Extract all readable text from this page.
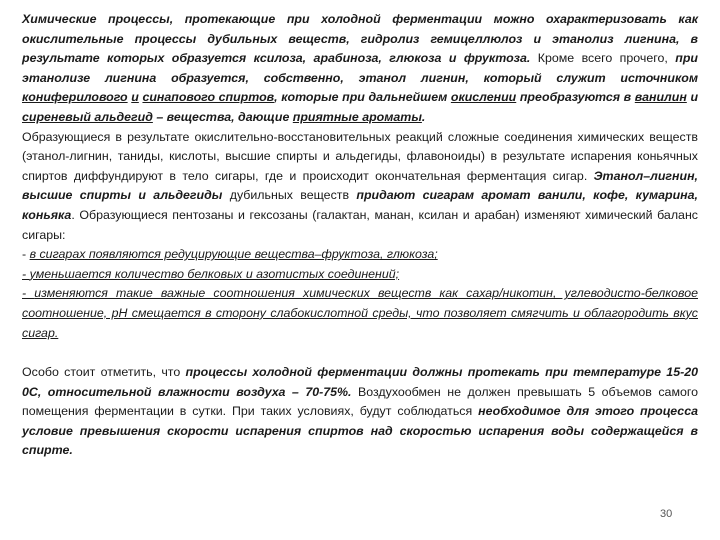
Химические процессы, протекающие при холодной ферментации можно охарактеризовать как окислительные процессы дубильных веществ, гидролиз гемицеллюлоз и этанолиз лигнина, в результате которых образуется ксилоза, арабиноза, глюкоза и фруктоза. Кроме всего прочего, при этанолизе лигнина образуется, собственно, этанол лигнин, который служит источником кониферилового и синапового спиртов, которые при дальнейшем окислении преобразуются в ванилин и сиреневый альдегид – вещества, дающие приятные ароматы.

Образующиеся в результате окислительно-восстановительных реакций сложные соединения химических веществ (этанол-лигнин, таниды, кислоты, высшие спирты и альдегиды, флавоноиды) в результате испарения коньячных спиртов диффундируют в тело сигары, где и происходит окончательная ферментация сигар. Этанол–лигнин, высшие спирты и альдегиды дубильных веществ придают сигарам аромат ванили, кофе, кумарина, коньяка. Образующиеся пентозаны и гексозаны (галактан, манан, ксилан и арабан) изменяют химический баланс сигары:

- в сигарах появляются редуцирующие вещества–фруктоза, глюкоза;

- уменьшается количество белковых и азотистых соединений;

- изменяются такие важные соотношения химических веществ как сахар/никотин, углеводисто-белковое соотношение, рН смещается в сторону слабокислотной среды, что позволяет смягчить и облагородить вкус сигар.

Особо стоит отметить, что процессы холодной ферментации должны протекать при температуре 15-20 0С, относительной влажности воздуха – 70-75%. Воздухообмен не должен превышать 5 объемов самого помещения ферментации в сутки. При таких условиях, будут соблюдаться необходимое для этого процесса условие превышения скорости испарения спиртов над скоростью испарения воды содержащейся в спирте.

30
